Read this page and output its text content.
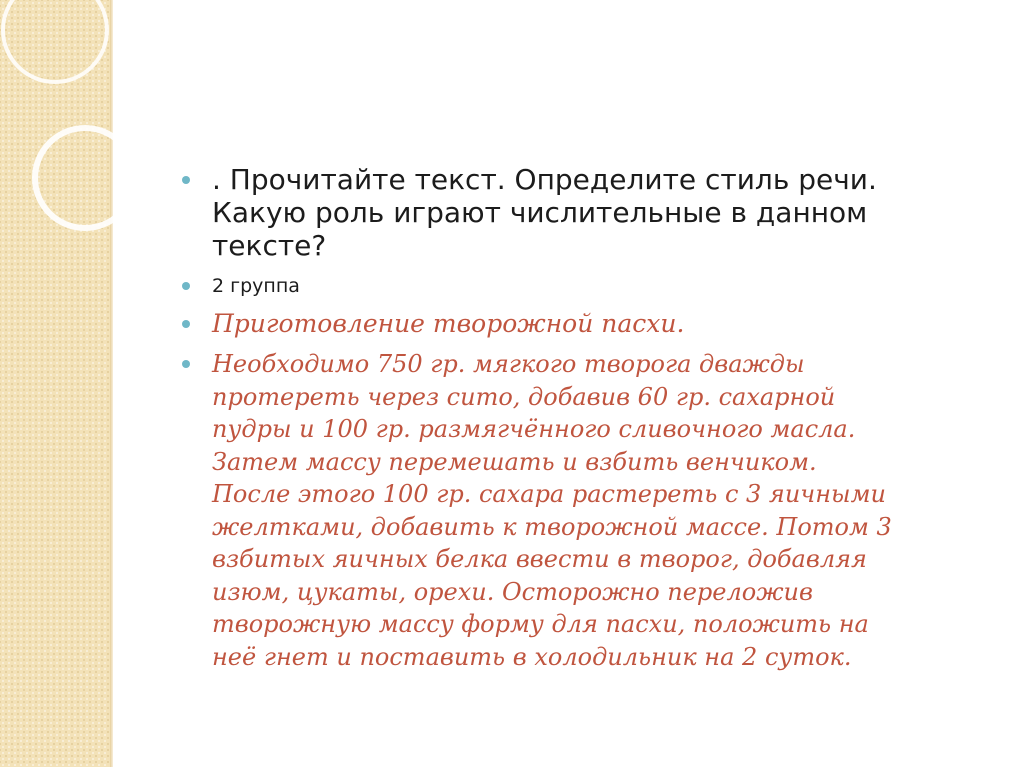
. Прочитайте текст. Определите стиль речи.
Какую роль играют числительные в данном
тексте?
2 группа
Приготовление творожной пасхи.
Необходимо 750 гр. мягкого творога дважды
протереть через сито, добавив 60 гр. сахарной
пудры и 100 гр. размягчённого сливочного масла.
Затем массу перемешать и взбить венчиком.
После этого 100 гр. сахара растереть с 3 яичными
желтками, добавить к творожной массе. Потом 3
взбитых яичных белка ввести в творог, добавляя
изюм, цукаты, орехи. Осторожно переложив
творожную массу форму для пасхи, положить на
неё гнет и поставить в холодильник на 2 суток.
